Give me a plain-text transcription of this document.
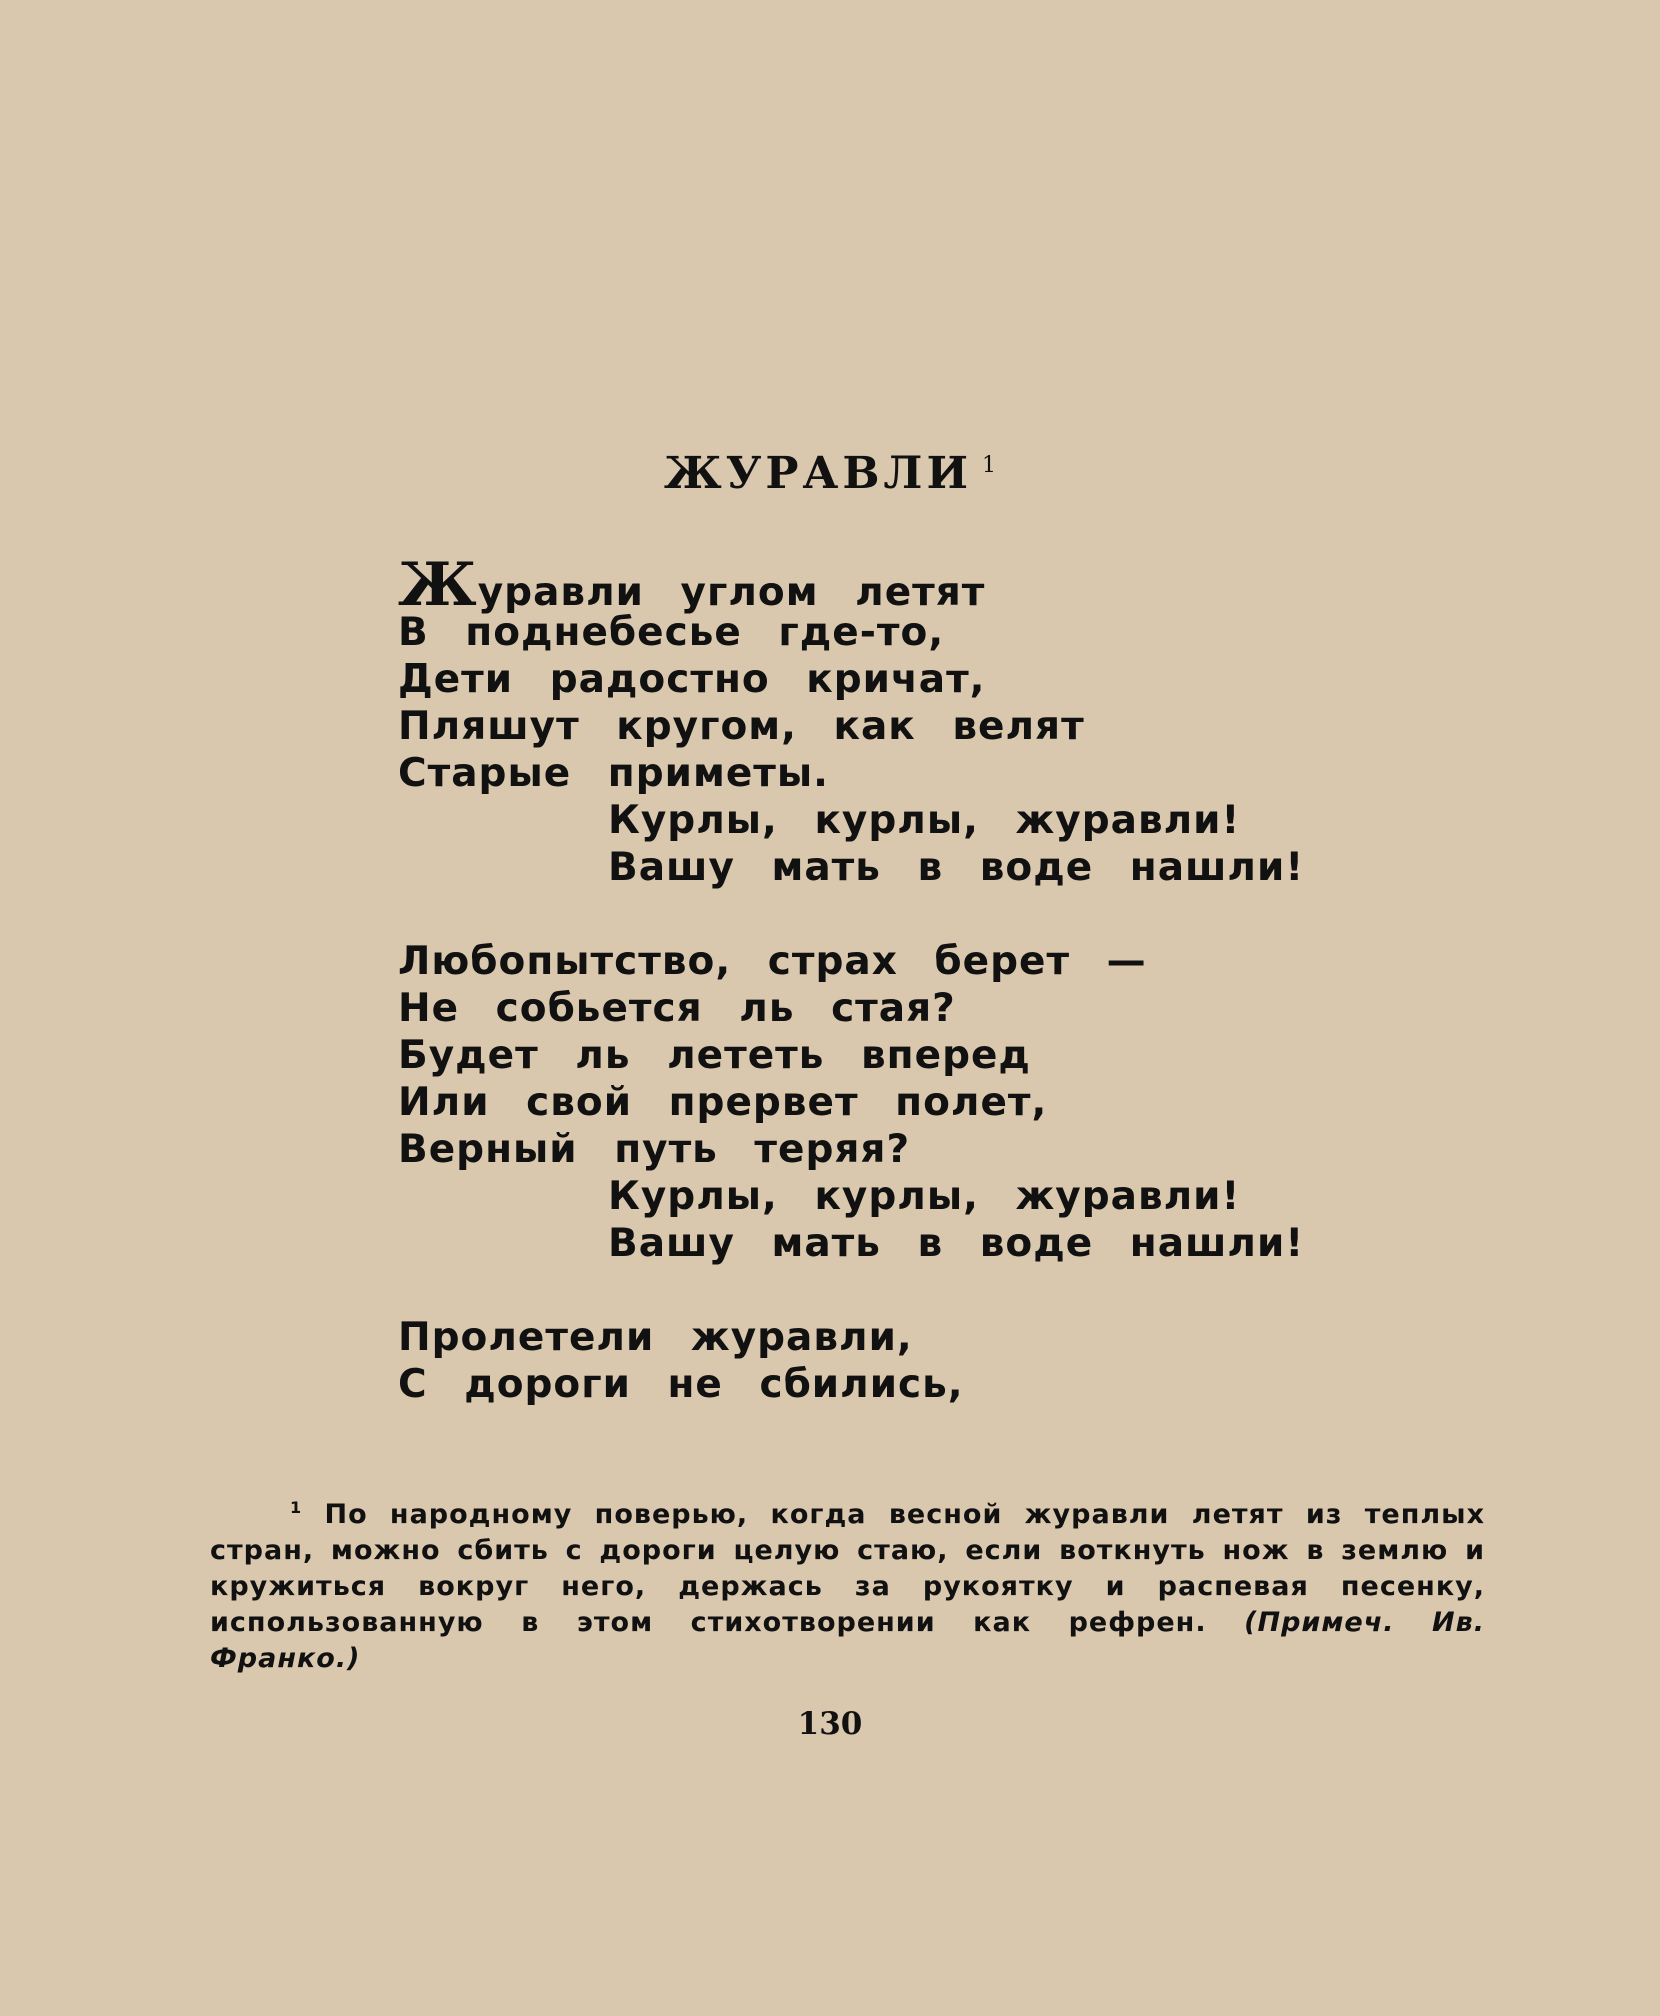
ЖУРАВЛИ $^1$
Журавли углом летят
В поднебесье где-то,
Дети радостно кричат,
Пляшут кругом, как велят
Старые приметы.
Курлы, курлы, журавли!
Вашу мать в воде нашли!
Любопытство, страх берет —
Не собьется ль стая?
Будет ль лететь вперед
Или свой прервет полет,
Верный путь теряя?
Курлы, курлы, журавли!
Вашу мать в воде нашли!
Пролетели журавли,
С дороги не сбились,
$^1$ По народному поверью, когда весной журавли летят из теплых стран, можно сбить с дороги целую стаю, если воткнуть нож в землю и кружиться вокруг него, держась за рукоятку и распевая песенку, использованную в этом стихотворении как рефрен. (Примеч. Ив. Франко.)
130
